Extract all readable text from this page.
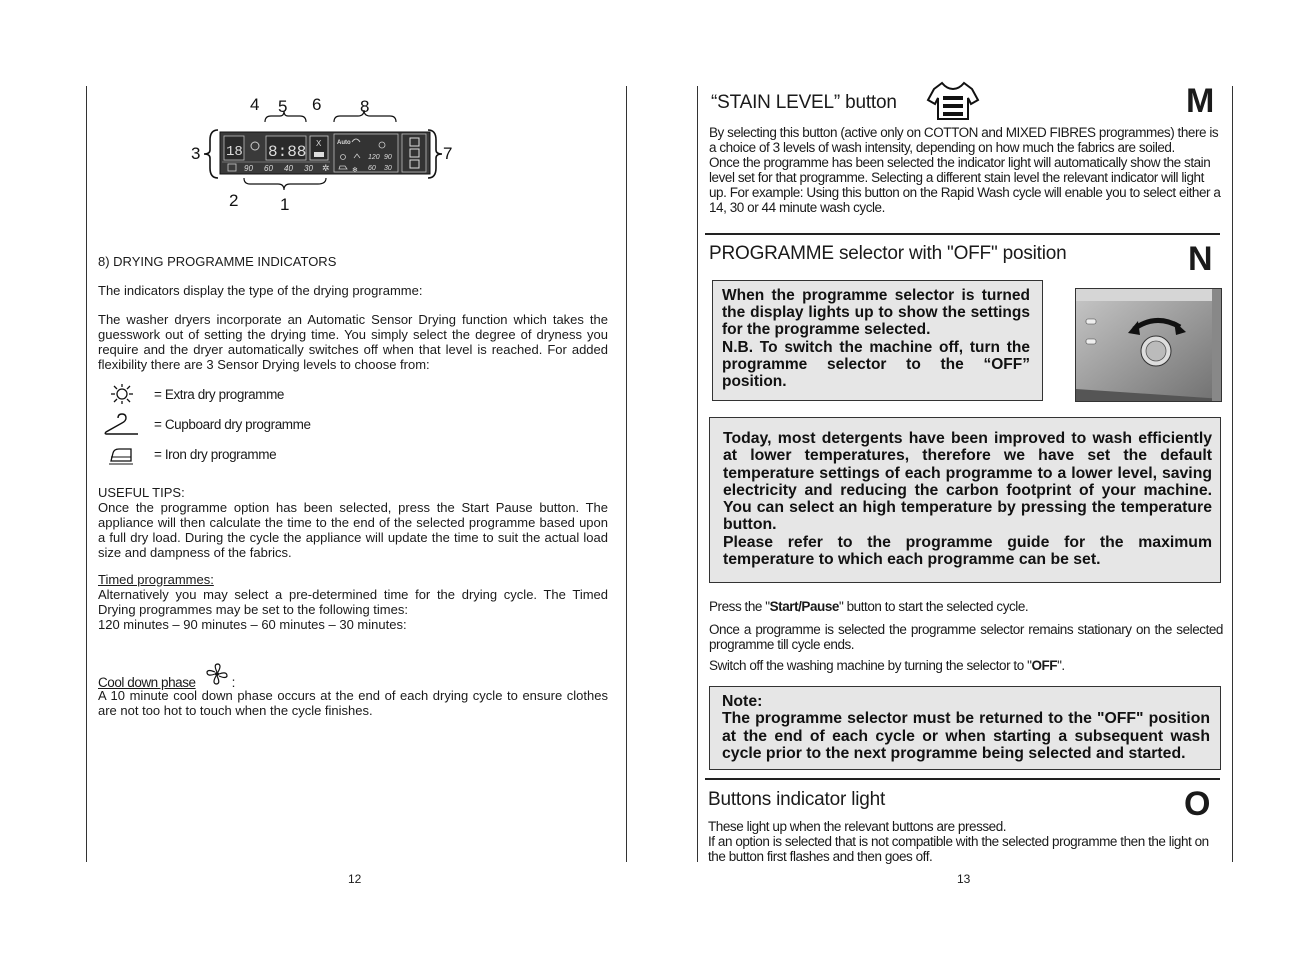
X
✲	❄
4 5 6 8
3	7
2 1
18 8:88
90 60 40 30
Auto
120 90
60 30
8) DRYING PROGRAMME INDICATORS
The indicators display the type of the drying programme:
The washer dryers incorporate an Automatic Sensor Drying function which takes the guesswork out of setting the drying time. You simply select the degree of dryness you require and the dryer automatically switches off when that level is reached. For added flexibility there are 3 Sensor Drying levels to choose from:
= Extra dry programme
= Cupboard dry programme
= Iron dry programme
USEFUL TIPS:
Once the programme option has been selected, press the Start Pause button. The appliance will then calculate the time to the end of the selected programme based upon a full dry load. During the cycle the appliance will update the time to suit the actual load size and dampness of the fabrics.
Timed programmes:
Alternatively you may select a pre-determined time for the drying cycle. The Timed Drying programmes may be set to the following times:
120 minutes – 90 minutes – 60 minutes – 30 minutes:
Cool down phase	:
A 10 minute cool down phase occurs at the end of each drying cycle to ensure clothes are not too hot to touch when the cycle finishes.
12
“STAIN LEVEL” button	M
By selecting this button (active only on COTTON and MIXED FIBRES programmes) there is a choice of 3 levels of wash intensity, depending on how much the fabrics are soiled.
Once the programme has been selected the indicator light will automatically show the stain level set for that programme. Selecting a different stain level the relevant indicator will light up. For example: Using this button on the Rapid Wash cycle will enable you to select either a 14, 30 or 44 minute wash cycle.
PROGRAMME selector with "OFF" position	N
When the programme selector is turned the display lights up to show the settings for the programme selected.
N.B. To switch the machine off, turn the programme selector to the “OFF” position.
Today, most detergents have been improved to wash efficiently at lower temperatures, therefore we have set the default temperature settings of each programme to a lower level, saving electricity and reducing the carbon footprint of your machine. You can select an high temperature by pressing the temperature button.
Please refer to the programme guide for the maximum temperature to which each programme can be set.
Press the "Start/Pause" button to start the selected cycle.
Once a programme is selected the programme selector remains stationary on the selected programme till cycle ends.
Switch off the washing machine by turning the selector to "OFF".
Note:
The programme selector must be returned to the "OFF" position at the end of each cycle or when starting a subsequent wash cycle prior to the next programme being selected and started.
Buttons indicator light	O
These light up when the relevant buttons are pressed.
If an option is selected that is not compatible with the selected programme then the light on the button first flashes and then goes off.
13
